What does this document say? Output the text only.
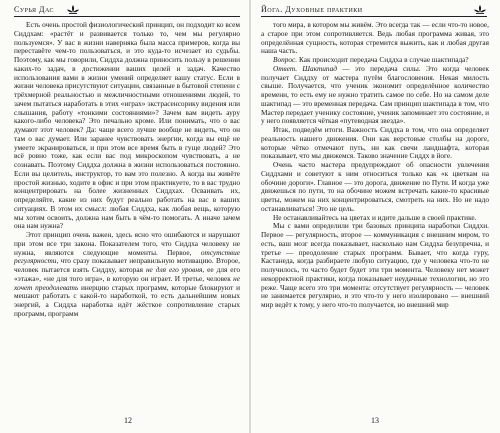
Сурья Дас

Есть очень простой физиологический принцип, он подходит ко всем Сиддхам: «растёт и развивается только то, чем мы регулярно пользуемся». У вас в жизни наверняка была масса примеров, когда вы переставёте чем-то пользоваться, и это куда-то исчезает из судьбы. Поэтому, как мы говорили, Сиддха должна приносить пользу в решении каких-то задач, в достижении ваших целей и задач. Качество использования вами в жизни умений определяет вашу статус. Если в жизни человека присутствуют ситуации, связанные в бытовой степени с трёхмерной реальностью и межличностными отношениями людей, то зачем пытаться наработать в этих «играх» экстрасенсорику видения или слышания, работу «тонкими состояниями»? Зачем вам видеть ауру какого-либо человека? Это печально кроме. Или понимать, что о вас думают этот человек? Да: чаще всего лучше вообще не видеть, что он там о вас думает. Или заранее чувствовать энергии, когда вы ещё не умеете экранироваться, и при этом все время быть в гуще людей? Это всё ровно тоже, как если вас под микроскопом чувствовать, а не сознавать. Поэтому Сиддха должна в жизни использоваться постоянно. Если вы целитель, инструктор, то вам это полезно. А когда вы живёте простой жизнью, ходите в офис и при этом практикуете, то в вас трудно концентрировать на более жизненных Сиддхах. Осваивать их, определяйте, какие из них будут реально работать на вас в ваших ситуациях. В этом их смысл: любая Сиддха, как любая вещь, которую мы хотим освоить, должна нам быть в чём-то помогать. А иначе зачем она нам нужна?

Этот принцип очень важен, здесь ясно что ошибаются и нарушают при этом все три закона. Показателем того, что Сиддха человеку не нужна, являются следующие моменты. Первое, отсутствие регулярности, что сразу показывает неправильную мотивацию. Второе, человек пытается взять Сиддху, которая не для его уровня, ее для его «этажа», «не для того игра», в которую он играет. И третье, человек не хочет преодолевать инерцию старых программ, которые блокируют и мешают работать с какой-то наработкой, то есть дальнейшим новых энергий, а Сиддха наработка идёт жёсткое сопротивление старых программ, программ

12
Йога. Духовные практики

того мира, в котором мы живём. Это всегда так — если что-то новое, а старое при этом сопротивляется. Ведь любая программа живая, это определённая сущность, которая стремится выжить, как и любая другая наша часть.

Вопрос. Как происходит передача Сиддха в случае шактипада?

Ответ. Шактипад — это передача силы. Это когда человек получает Сиддху от мастера путём благословения. Некая милость свыше. Получается, что ученик экономит определённое количество времени, то есть ему не нужно тратить самое по себе. Но на самом деле шактипад — это временная передача. Сам принцип шактипада в том, что Мастер передает ученику состояние, ученик запоминает это состояние, и у него появляется чёткая «путеводная звезда».

Итак, подведём итоги. Важность Сиддха в том, что она определяет реальность нашего движения. Они как верстовые столбы на дороге, которые чётко отмечают путь, ни как свечи ландшафта, которая показывает, что мы движемся. Таково значение Сиддх в йоге.

Очень часто мастера предупреждают об опасности увлечения Сиддхами и советуют к ним относиться только как «к цветкам на обочине дороги». Главное — это дорога, движение по Пути. И когда уже движешься по пути, то на обочине можем встречать какие-то красивые цветы, можем на них концентрироваться, смотреть на них. Но не надо останавливаться! Это не цель.

Не останавливайтесь на цветах и идите дальше в своей практике.

Мы с вами определили три базовых принципа наработки Сиддхи. Первое — регулярность, второе — коммуникация с внешним миром, то есть, ваш мозг всегда показывает, насколько нам Сиддха безупречна, и третье — преодоление старых программ. Бывает, что когда гуру, Кастанеда, когда разбираете любую ситуацию, где у человека что-то не получилось, то часто будет будет эти три момента. Человеку нет может некорректной практики, когда показывает неудачные технологии, но это реже. Чаще всего это три момента: отсутствует регулярность — человек не занимается регулярно, и это что-то у него изолировано — внешний мир ведёт к тому, у него что-то получается, но внешний мир

13
